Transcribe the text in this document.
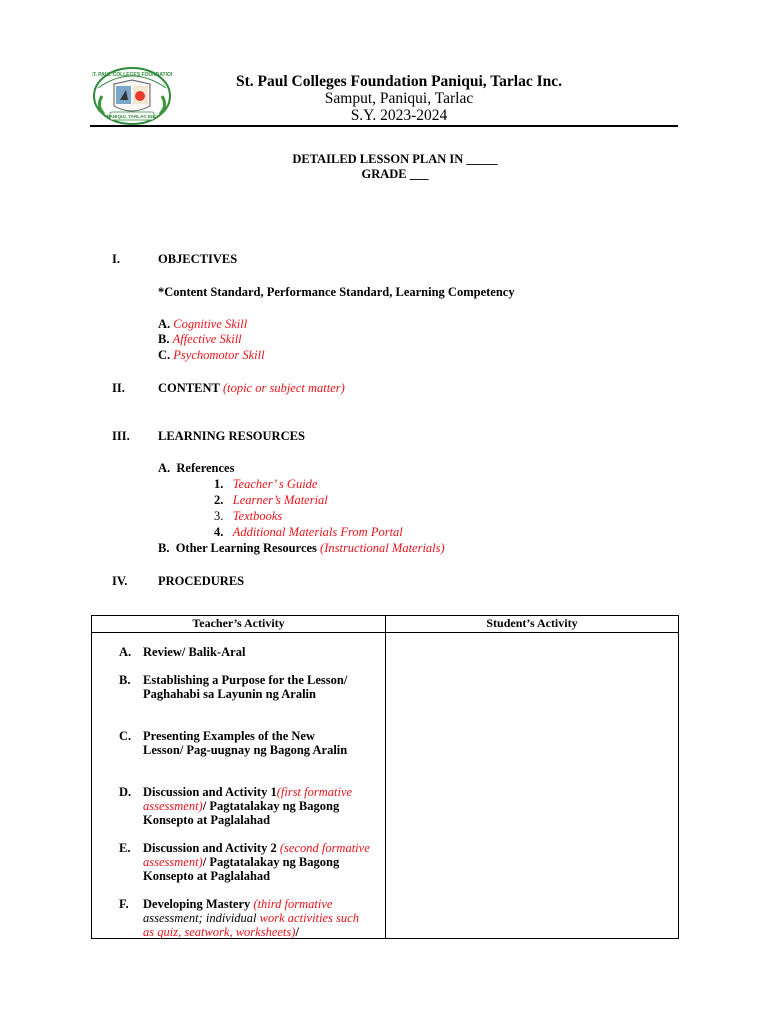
ST. PAUL COLLEGES FOUNDATION
PANIQUI, TARLAC INC.
St. Paul Colleges Foundation Paniqui, Tarlac Inc.
Samput, Paniqui, Tarlac
S.Y. 2023-2024
DETAILED LESSON PLAN IN _____
GRADE ___
I.	OBJECTIVES
*Content Standard, Performance Standard, Learning Competency
A. Cognitive Skill
B. Affective Skill
C. Psychomotor Skill
II.	CONTENT (topic or subject matter)
III. LEARNING RESOURCES
A.  References
1. Teacher’ s Guide
2. Learner’s Material
3. Textbooks
4. Additional Materials From Portal
B.  Other Learning Resources (Instructional Materials)
IV. PROCEDURES
Teacher’s Activity	Student’s Activity
A. Review/ Balik-Aral
B. Establishing a Purpose for the Lesson/ Paghahabi sa Layunin ng Aralin
C. Presenting Examples of the New Lesson/ Pag-uugnay ng Bagong Aralin
D. Discussion and Activity 1(first formative assessment)/ Pagtatalakay ng Bagong Konsepto at Paglalahad
E. Discussion and Activity 2 (second formative assessment)/ Pagtatalakay ng Bagong Konsepto at Paglalahad
F. Developing Mastery (third formative assessment; individual work activities such as quiz, seatwork, worksheets)/
